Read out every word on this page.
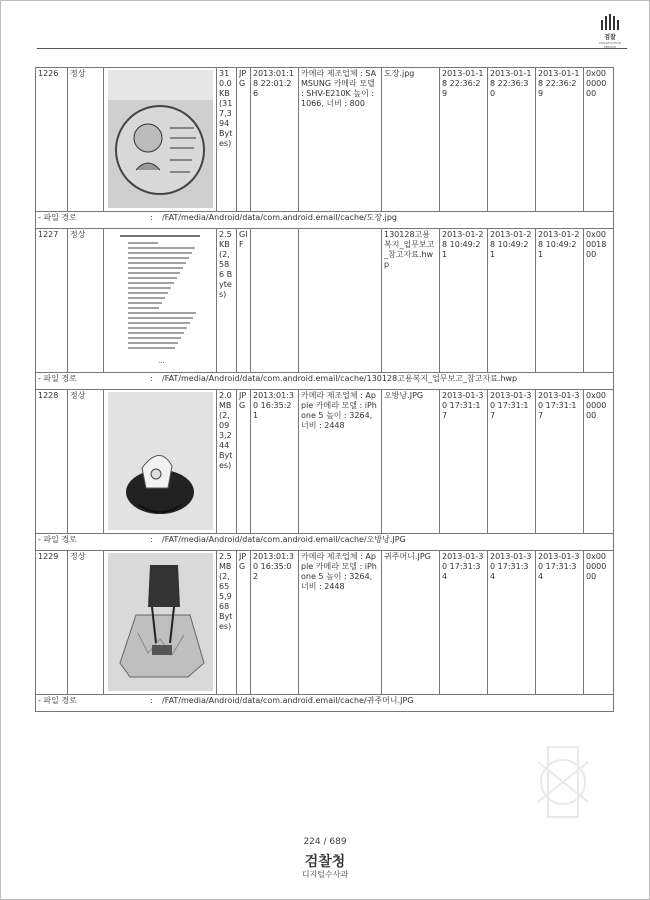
검찰
PROSECUTION SERVICE
1226	정상		310.0KB (317,394 Bytes)	JPG	2013:01:18 22:01:26	카메라 제조업체 : SAMSUNG 카메라 모델 : SHV-E210K 높이 : 1066, 너비 : 800	도장.jpg	2013-01-18 22:36:29	2013-01-18 22:36:30	2013-01-18 22:36:29	0x00000000
- 파일 경로 : /FAT/media/Android/data/com.android.email/cache/도장.jpg											
1227	정상	...	2.5KB (2,586 Bytes)	GIF			130128고용복지_업무보고_참고자료.hwp	2013-01-28 10:49:21	2013-01-28 10:49:21	2013-01-28 10:49:21	0x00001800
- 파일 경로 : /FAT/media/Android/data/com.android.email/cache/130128고용복지_업무보고_참고자료.hwp											
1228	정상		2.0MB (2,093,244 Bytes)	JPG	2013:01:30 16:35:21	카메라 제조업체 : Apple 카메라 모델 : iPhone 5 높이 : 3264, 너비 : 2448	오방낭.JPG	2013-01-30 17:31:17	2013-01-30 17:31:17	2013-01-30 17:31:17	0x00000000
- 파일 경로 : /FAT/media/Android/data/com.android.email/cache/오방낭.JPG											
1229	정상		2.5MB (2,655,968 Bytes)	JPG	2013:01:30 16:35:02	카메라 제조업체 : Apple 카메라 모델 : iPhone 5 높이 : 3264, 너비 : 2448	귀주머니.JPG	2013-01-30 17:31:34	2013-01-30 17:31:34	2013-01-30 17:31:34	0x00000000
- 파일 경로 : /FAT/media/Android/data/com.android.email/cache/귀주머니.JPG											
224 / 689
검찰청
디지털수사과
